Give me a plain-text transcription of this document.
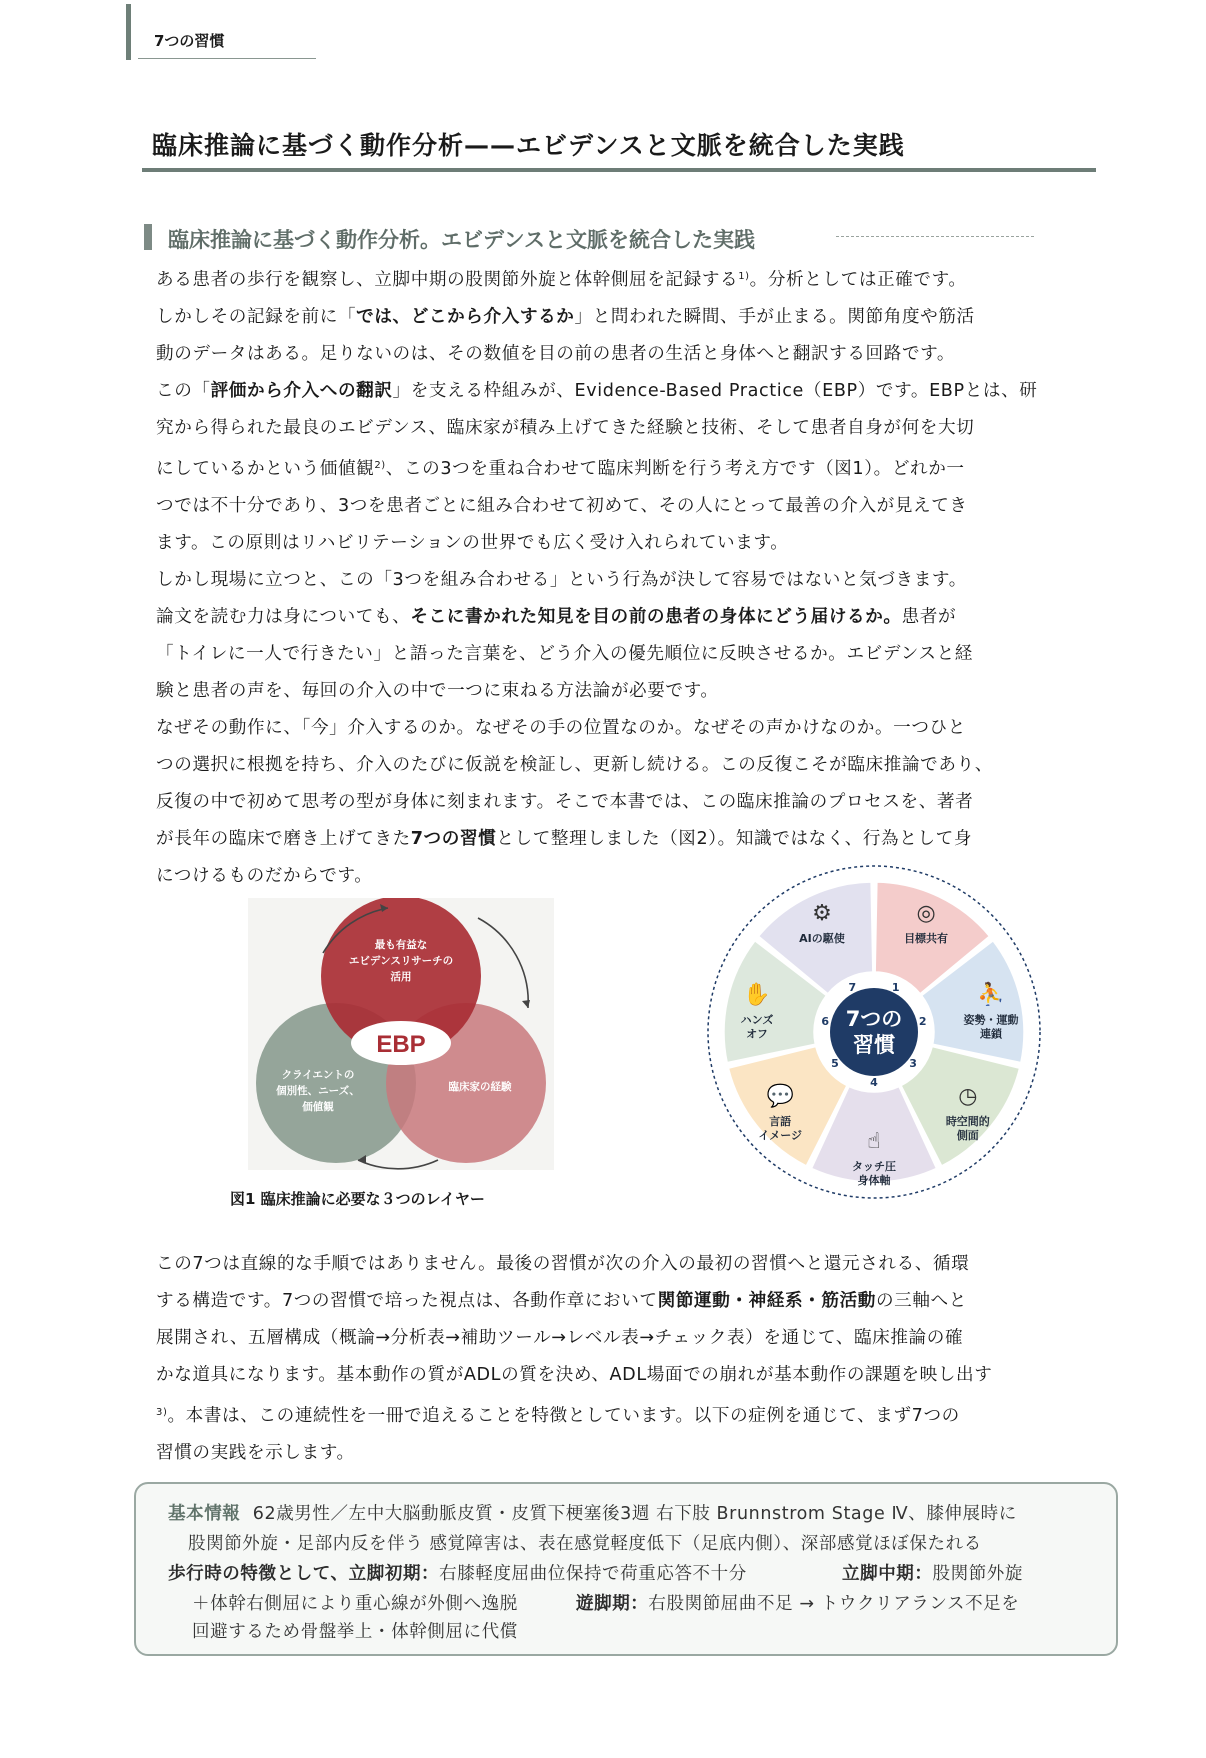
7つの習慣
臨床推論に基づく動作分析——エビデンスと文脈を統合した実践
臨床推論に基づく動作分析。エビデンスと文脈を統合した実践

ある患者の歩行を観察し、立脚中期の股関節外旋と体幹側屈を記録する$^{1)}$。分析としては正確です。

しかしその記録を前に「では、どこから介入するか」と問われた瞬間、手が止まる。関節角度や筋活

動のデータはある。足りないのは、その数値を目の前の患者の生活と身体へと翻訳する回路です。

この「評価から介入への翻訳」を支える枠組みが、Evidence-Based Practice（EBP）です。EBPとは、研

究から得られた最良のエビデンス、臨床家が積み上げてきた経験と技術、そして患者自身が何を大切

にしているかという価値観$^{2)}$、この3つを重ね合わせて臨床判断を行う考え方です（図1）。どれか一

つでは不十分であり、3つを患者ごとに組み合わせて初めて、その人にとって最善の介入が見えてき

ます。この原則はリハビリテーションの世界でも広く受け入れられています。

しかし現場に立つと、この「3つを組み合わせる」という行為が決して容易ではないと気づきます。

論文を読む力は身についても、そこに書かれた知見を目の前の患者の身体にどう届けるか。患者が

「トイレに一人で行きたい」と語った言葉を、どう介入の優先順位に反映させるか。エビデンスと経

験と患者の声を、毎回の介入の中で一つに束ねる方法論が必要です。

なぜその動作に、「今」介入するのか。なぜその手の位置なのか。なぜその声かけなのか。一つひと

つの選択に根拠を持ち、介入のたびに仮説を検証し、更新し続ける。この反復こそが臨床推論であり、

反復の中で初めて思考の型が身体に刻まれます。そこで本書では、この臨床推論のプロセスを、著者

が長年の臨床で磨き上げてきた7つの習慣として整理しました（図2）。知識ではなく、行為として身

につけるものだからです。

EBP
最も有益な
エビデンスリサーチの
活用
クライエントの
個別性、ニーズ、
価値観
臨床家の経験
図1 臨床推論に必要な３つのレイヤー
◎
目標共有
⛹
姿勢・運動
連鎖
◷
時空間的
側面
☝
タッチ圧
身体軸
💬
言語
イメージ
✋
ハンズ
オフ
⚙
AIの駆使
1
2
3
4
5
6
7
7つの
習慣

この7つは直線的な手順ではありません。最後の習慣が次の介入の最初の習慣へと還元される、循環

する構造です。7つの習慣で培った視点は、各動作章において関節運動・神経系・筋活動の三軸へと

展開され、五層構成（概論→分析表→補助ツール→レベル表→チェック表）を通じて、臨床推論の確

かな道具になります。基本動作の質がADLの質を決め、ADL場面での崩れが基本動作の課題を映し出す

$^{3)}$。本書は、この連続性を一冊で追えることを特徴としています。以下の症例を通じて、まず7つの

習慣の実践を示します。

基本情報 62歳男性／左中大脳動脈皮質・皮質下梗塞後3週 右下肢 Brunnstrom Stage Ⅳ、膝伸展時に
股関節外旋・足部内反を伴う 感覚障害は、表在感覚軽度低下（足底内側）、深部感覚ほぼ保たれる
歩行時の特徴として、立脚初期：右膝軽度屈曲位保持で荷重応答不十分	立脚中期：股関節外旋
＋体幹右側屈により重心線が外側へ逸脱	遊脚期：右股関節屈曲不足 → トウクリアランス不足を
回避するため骨盤挙上・体幹側屈に代償
